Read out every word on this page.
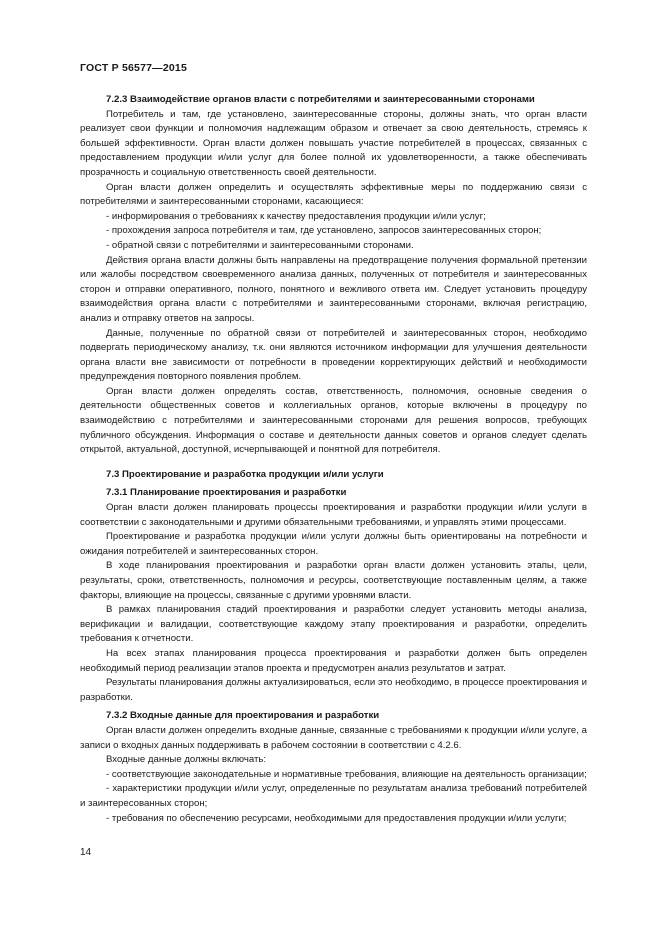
ГОСТ Р 56577—2015
7.2.3 Взаимодействие органов власти с потребителями и заинтересованными сторонами

Потребитель и там, где установлено, заинтересованные стороны, должны знать, что орган власти реализует свои функции и полномочия надлежащим образом и отвечает за свою деятельность, стремясь к большей эффективности. Орган власти должен повышать участие потребителей в процессах, связанных с предоставлением продукции и/или услуг для более полной их удовлетворенности, а также обеспечивать прозрачность и социальную ответственность своей деятельности.

Орган власти должен определить и осуществлять эффективные меры по поддержанию связи с потребителями и заинтересованными сторонами, касающиеся:

- информирования о требованиях к качеству предоставления продукции и/или услуг;

- прохождения запроса потребителя и там, где установлено, запросов заинтересованных сторон;

- обратной связи с потребителями и заинтересованными сторонами.

Действия органа власти должны быть направлены на предотвращение получения формальной претензии или жалобы посредством своевременного анализа данных, полученных от потребителя и заинтересованных сторон и отправки оперативного, полного, понятного и вежливого ответа им. Следует установить процедуру взаимодействия органа власти с потребителями и заинтересованными сторонами, включая регистрацию, анализ и отправку ответов на запросы.

Данные, полученные по обратной связи от потребителей и заинтересованных сторон, необходимо подвергать периодическому анализу, т.к. они являются источником информации для улучшения деятельности органа власти вне зависимости от потребности в проведении корректирующих действий и необходимости предупреждения повторного появления проблем.

Орган власти должен определять состав, ответственность, полномочия, основные сведения о деятельности общественных советов и коллегиальных органов, которые включены в процедуру по взаимодействию с потребителями и заинтересованными сторонами для решения вопросов, требующих публичного обсуждения. Информация о составе и деятельности данных советов и органов следует сделать открытой, актуальной, доступной, исчерпывающей и понятной для потребителя.

7.3 Проектирование и разработка продукции и/или услуги
7.3.1 Планирование проектирования и разработки

Орган власти должен планировать процессы проектирования и разработки продукции и/или услуги в соответствии с законодательными и другими обязательными требованиями, и управлять этими процессами.

Проектирование и разработка продукции и/или услуги должны быть ориентированы на потребности и ожидания потребителей и заинтересованных сторон.

В ходе планирования проектирования и разработки орган власти должен установить этапы, цели, результаты, сроки, ответственность, полномочия и ресурсы, соответствующие поставленным целям, а также факторы, влияющие на процессы, связанные с другими уровнями власти.

В рамках планирования стадий проектирования и разработки следует установить методы анализа, верификации и валидации, соответствующие каждому этапу проектирования и разработки, определить требования к отчетности.

На всех этапах планирования процесса проектирования и разработки должен быть определен необходимый период реализации этапов проекта и предусмотрен анализ результатов и затрат.

Результаты планирования должны актуализироваться, если это необходимо, в процессе проектирования и разработки.

7.3.2 Входные данные для проектирования и разработки

Орган власти должен определить входные данные, связанные с требованиями к продукции и/или услуге, а записи о входных данных поддерживать в рабочем состоянии в соответствии с 4.2.6.

Входные данные должны включать:

- соответствующие законодательные и нормативные требования, влияющие на деятельность организации;

- характеристики продукции и/или услуг, определенные по результатам анализа требований потребителей и заинтересованных сторон;

- требования по обеспечению ресурсами, необходимыми для предоставления продукции и/или услуги;

14
